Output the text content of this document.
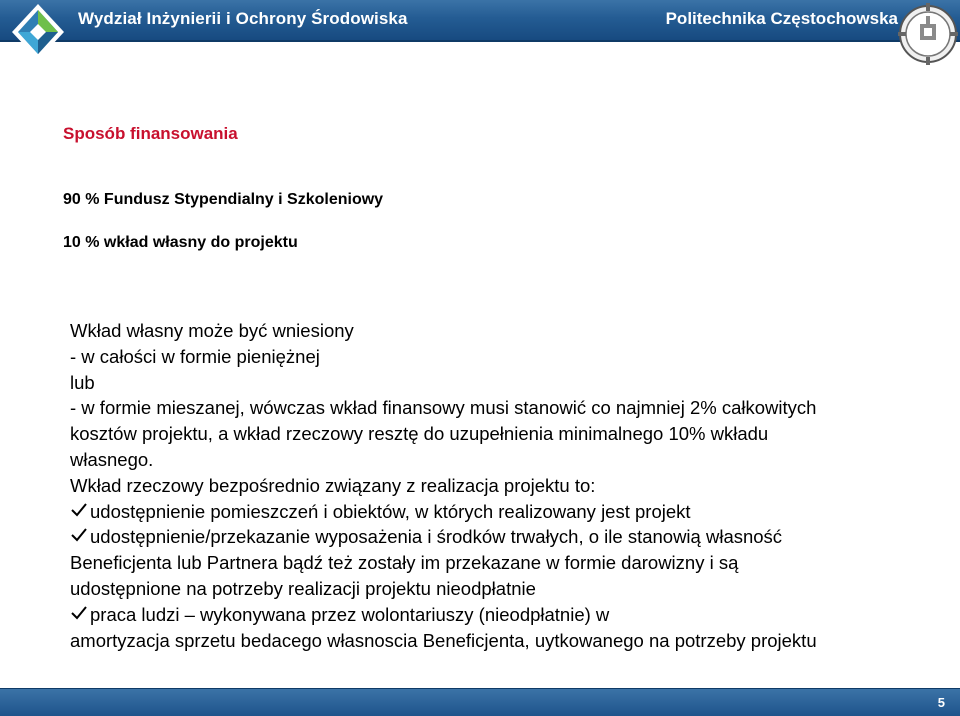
Wydział Inżynierii i Ochrony Środowiska	Politechnika Częstochowska
Sposób finansowania
90 % Fundusz Stypendialny i Szkoleniowy
10 % wkład własny do projektu
Wkład własny może być wniesiony
- w całości w formie pieniężnej
lub
- w formie mieszanej, wówczas wkład finansowy musi stanowić co najmniej 2% całkowitych
kosztów projektu, a wkład rzeczowy resztę do uzupełnienia minimalnego 10% wkładu
własnego.
Wkład rzeczowy bezpośrednio związany z realizacja projektu to:
udostępnienie pomieszczeń i obiektów, w których realizowany jest projekt
udostępnienie/przekazanie wyposażenia i środków trwałych, o ile stanowią własność
Beneficjenta lub Partnera bądź też zostały im przekazane w formie darowizny i są
udostępnione na potrzeby realizacji projektu nieodpłatnie
praca ludzi – wykonywana przez wolontariuszy (nieodpłatnie) w
amortyzacja sprzetu bedacego własnoscia Beneficjenta, uytkowanego na potrzeby projektu
5
